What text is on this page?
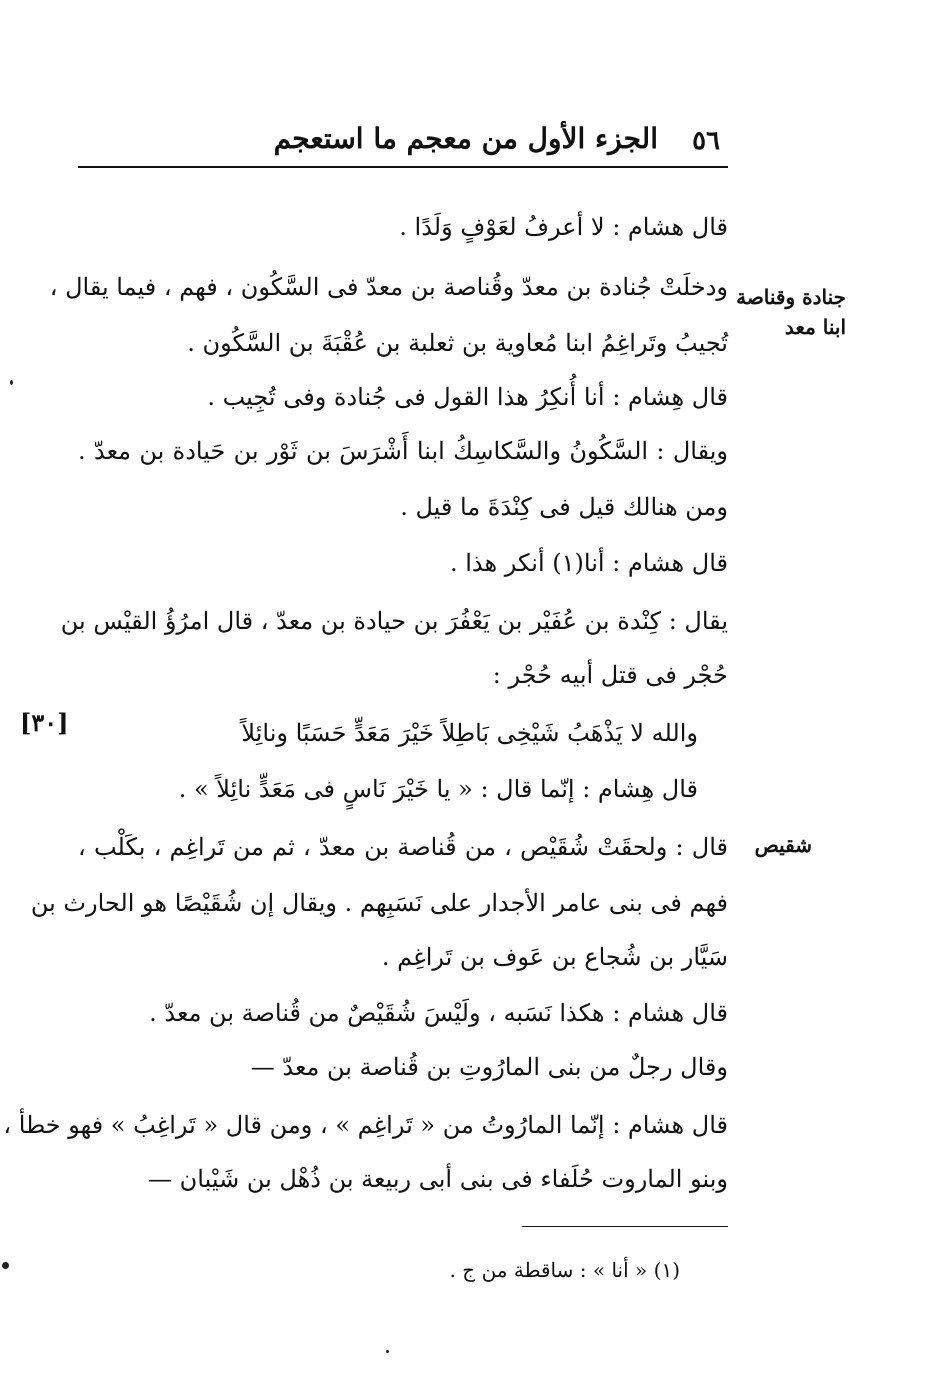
٥٦
الجزء الأول من معجم ما استعجم
جنادة وقناصة
ابنا معد
شقيص
قال هشام : لا أعرفُ لعَوْفٍ وَلَدًا .
ودخلَتْ جُنادة بن معدّ وقُناصة بن معدّ فى السَّكُون ، فهم ، فيما يقال ،
تُجيبُ وتَراغِمُ ابنا مُعاوية بن ثعلبة بن عُقْبَةَ بن السَّكُون .
قال هِشام : أنا أُنكِرُ هذا القول فى جُنادة وفى تُجِيب .
ويقال : السَّكُونُ والسَّكاسِكُ ابنا أَشْرَسَ بن ثَوْر بن حَيادة بن معدّ .
ومن هنالك قيل فى كِنْدَةَ ما قيل .
قال هشام : أنا(١) أنكر هذا .
يقال : كِنْدة بن عُفَيْر بن يَعْفُرَ بن حيادة بن معدّ ، قال امرُؤُ القيْس بن
حُجْر فى قتل أبيه حُجْر :
والله لا يَذْهَبُ شَيْخِى بَاطِلاً خَيْرَ مَعَدٍّ حَسَبًا ونائِلاً
قال هِشام : إنّما قال : « يا خَيْرَ نَاسٍ فى مَعَدٍّ نائِلاً » .
قال : ولحقَتْ شُقَيْص ، من قُناصة بن معدّ ، ثم من تَراغِم ، بكَلْب ،
فهم فى بنى عامر الأجدار على نَسَبِهم . ويقال إن شُقَيْصًا هو الحارث بن
سَيَّار بن شُجاع بن عَوف بن تَراغِم .
قال هشام : هكذا نَسَبه ، ولَيْسَ شُقَيْصٌ من قُناصة بن معدّ .
وقال رجلٌ من بنى المارُوتِ بن قُناصة بن معدّ —
قال هشام : إنّما المارُوتُ من « تَراغِم » ، ومن قال « تَراغِبُ » فهو خطأ ،
وبنو الماروت حُلَفاء فى بنى أبى ربيعة بن ذُهْل بن شَيْبان —
[٣٠]
(١) « أنا » : ساقطة من ج .
